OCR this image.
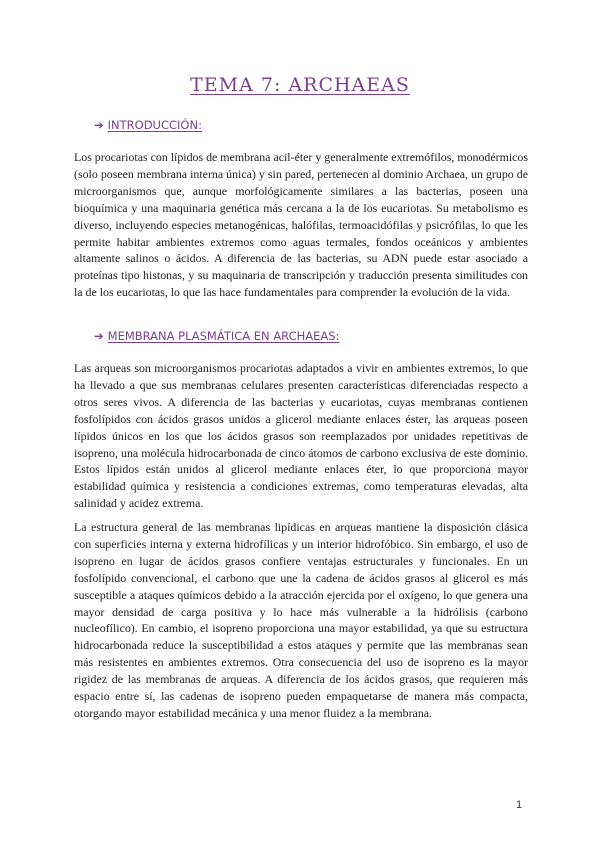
TEMA 7: ARCHAEAS
➔ INTRODUCCIÓN:

Los procariotas con lípidos de membrana acil-éter y generalmente extremófilos, monodérmicos (solo poseen membrana interna única) y sin pared, pertenecen al dominio Archaea, un grupo de microorganismos que, aunque morfológicamente similares a las bacterias, poseen una bioquímica y una maquinaria genética más cercana a la de los eucariotas. Su metabolismo es diverso, incluyendo especies metanogénicas, halófilas, termoacidófilas y psicrófilas, lo que les permite habitar ambientes extremos como aguas termales, fondos oceánicos y ambientes altamente salinos o ácidos. A diferencia de las bacterias, su ADN puede estar asociado a proteínas tipo histonas, y su maquinaria de transcripción y traducción presenta similitudes con la de los eucariotas, lo que las hace fundamentales para comprender la evolución de la vida.

➔ MEMBRANA PLASMÁTICA EN ARCHAEAS:

Las arqueas son microorganismos procariotas adaptados a vivir en ambientes extremos, lo que ha llevado a que sus membranas celulares presenten características diferenciadas respecto a otros seres vivos. A diferencia de las bacterias y eucariotas, cuyas membranas contienen fosfolípidos con ácidos grasos unidos a glicerol mediante enlaces éster, las arqueas poseen lípidos únicos en los que los ácidos grasos son reemplazados por unidades repetitivas de isopreno, una molécula hidrocarbonada de cinco átomos de carbono exclusiva de este dominio. Estos lípidos están unidos al glicerol mediante enlaces éter, lo que proporciona mayor estabilidad química y resistencia a condiciones extremas, como temperaturas elevadas, alta salinidad y acidez extrema.

La estructura general de las membranas lipídicas en arqueas mantiene la disposición clásica con superficies interna y externa hidrofílicas y un interior hidrofóbico. Sin embargo, el uso de isopreno en lugar de ácidos grasos confiere ventajas estructurales y funcionales. En un fosfolípido convencional, el carbono que une la cadena de ácidos grasos al glicerol es más susceptible a ataques químicos debido a la atracción ejercida por el oxígeno, lo que genera una mayor densidad de carga positiva y lo hace más vulnerable a la hidrólisis (carbono nucleofílico). En cambio, el isopreno proporciona una mayor estabilidad, ya que su estructura hidrocarbonada reduce la susceptibilidad a estos ataques y permite que las membranas sean más resistentes en ambientes extremos. Otra consecuencia del uso de isopreno es la mayor rigidez de las membranas de arqueas. A diferencia de los ácidos grasos, que requieren más espacio entre sí, las cadenas de isopreno pueden empaquetarse de manera más compacta, otorgando mayor estabilidad mecánica y una menor fluidez a la membrana.

1
